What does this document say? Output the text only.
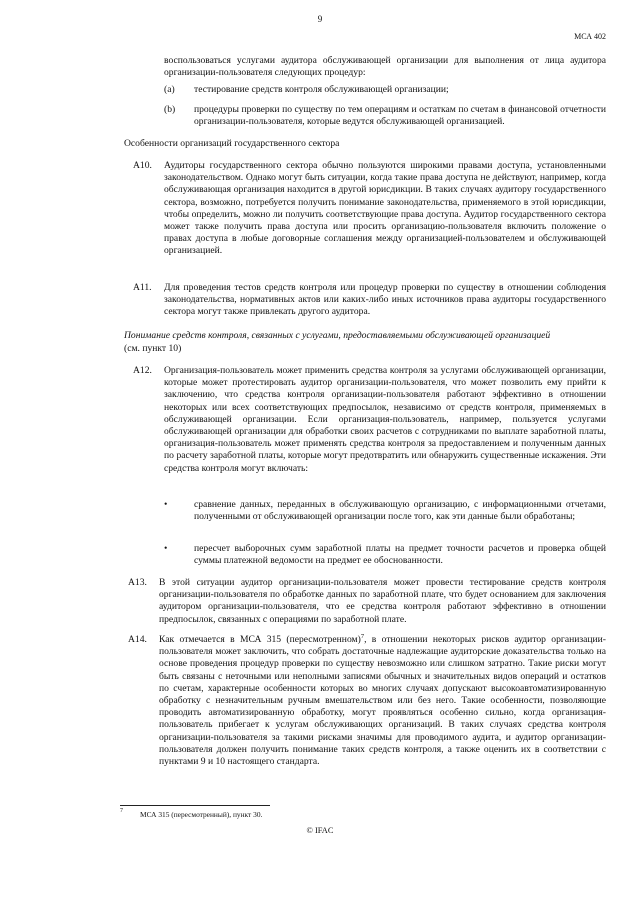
9
МСА 402

воспользоваться услугами аудитора обслуживающей организации для выполнения от лица аудитора организации-пользователя следующих процедур:

(a) тестирование средств контроля обслуживающей организации;

(b) процедуры проверки по существу по тем операциям и остаткам по счетам в финансовой отчетности организации-пользователя, которые ведутся обслуживающей организацией.

Особенности организаций государственного сектора
A10. Аудиторы государственного сектора обычно пользуются широкими правами доступа, установленными законодательством. Однако могут быть ситуации, когда такие права доступа не действуют, например, когда обслуживающая организация находится в другой юрисдикции. В таких случаях аудитору государственного сектора, возможно, потребуется получить понимание законодательства, применяемого в этой юрисдикции, чтобы определить, можно ли получить соответствующие права доступа. Аудитор государственного сектора может также получить права доступа или просить организацию-пользователя включить положение о правах доступа в любые договорные соглашения между организацией-пользователем и обслуживающей организацией.

A11. Для проведения тестов средств контроля или процедур проверки по существу в отношении соблюдения законодательства, нормативных актов или каких-либо иных источников права аудиторы государственного сектора могут также привлекать другого аудитора.

Понимание средств контроля, связанных с услугами, предоставляемыми обслуживающей организацией
(см. пункт 10)
A12. Организация-пользователь может применить средства контроля за услугами обслуживающей организации, которые может протестировать аудитор организации-пользователя, что может позволить ему прийти к заключению, что средства контроля организации-пользователя работают эффективно в отношении некоторых или всех соответствующих предпосылок, независимо от средств контроля, применяемых в обслуживающей организации. Если организация-пользователь, например, пользуется услугами обслуживающей организации для обработки своих расчетов с сотрудниками по выплате заработной платы, организация-пользователь может применять средства контроля за предоставлением и полученным данных по расчету заработной платы, которые могут предотвратить или обнаружить существенные искажения. Эти средства контроля могут включать:

•	сравнение данных, переданных в обслуживающую организацию, с информационными отчетами, полученными от обслуживающей организации после того, как эти данные были обработаны;

•	пересчет выборочных сумм заработной платы на предмет точности расчетов и проверка общей суммы платежной ведомости на предмет ее обоснованности.

A13. В этой ситуации аудитор организации-пользователя может провести тестирование средств контроля организации-пользователя по обработке данных по заработной плате, что будет основанием для заключения аудитором организации-пользователя, что ее средства контроля работают эффективно в отношении предпосылок, связанных с операциями по заработной плате.

A14. Как отмечается в МСА 315 (пересмотренном)$^7$, в отношении некоторых рисков аудитор организации-пользователя может заключить, что собрать достаточные надлежащие аудиторские доказательства только на основе проведения процедур проверки по существу невозможно или слишком затратно. Такие риски могут быть связаны с неточными или неполными записями обычных и значительных видов операций и остатков по счетам, характерные особенности которых во многих случаях допускают высокоавтоматизированную обработку с незначительным ручным вмешательством или без него. Такие особенности, позволяющие проводить автоматизированную обработку, могут проявляться особенно сильно, когда организация-пользователь прибегает к услугам обслуживающих организаций. В таких случаях средства контроля организации-пользователя за такими рисками значимы для проводимого аудита, и аудитор организации-пользователя должен получить понимание таких средств контроля, а также оценить их в соответствии с пунктами 9 и 10 настоящего стандарта.

7 МСА 315 (пересмотренный), пункт 30.
© IFAC
